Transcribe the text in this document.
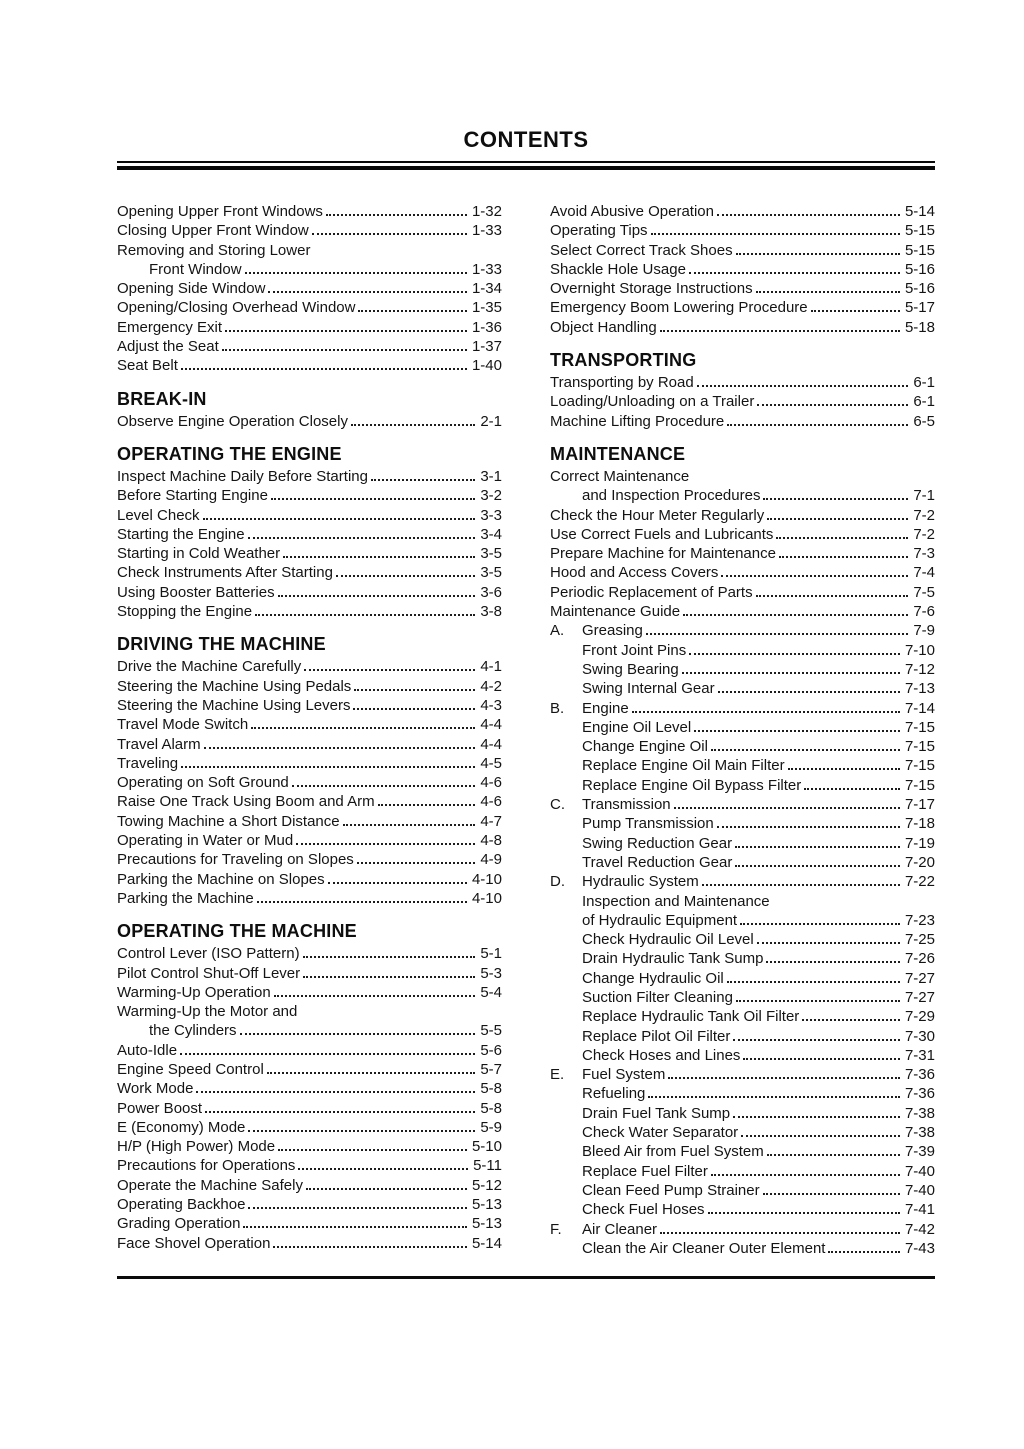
CONTENTS
Opening Upper Front Windows	1-32
Closing Upper Front Window	1-33
Removing and Storing Lower
Front Window	1-33
Opening Side Window	1-34
Opening/Closing Overhead Window	1-35
Emergency Exit	1-36
Adjust the Seat	1-37
Seat Belt	1-40
BREAK-IN
Observe Engine Operation Closely	2-1
OPERATING THE ENGINE
Inspect Machine Daily Before Starting	3-1
Before Starting Engine	3-2
Level Check	3-3
Starting the Engine	3-4
Starting in Cold Weather	3-5
Check Instruments After Starting	3-5
Using Booster Batteries	3-6
Stopping the Engine	3-8
DRIVING THE MACHINE
Drive the Machine Carefully	4-1
Steering the Machine Using Pedals	4-2
Steering the Machine Using Levers	4-3
Travel Mode Switch	4-4
Travel Alarm	4-4
Traveling	4-5
Operating on Soft Ground	4-6
Raise One Track Using Boom and Arm	4-6
Towing Machine a Short Distance	4-7
Operating in Water or Mud	4-8
Precautions for Traveling on Slopes	4-9
Parking the Machine on Slopes	4-10
Parking the Machine	4-10
OPERATING THE MACHINE
Control Lever (ISO Pattern)	5-1
Pilot Control Shut-Off Lever	5-3
Warming-Up Operation	5-4
Warming-Up the Motor and
the Cylinders	5-5
Auto-Idle	5-6
Engine Speed Control	5-7
Work Mode	5-8
Power Boost	5-8
E (Economy) Mode	5-9
H/P (High Power) Mode	5-10
Precautions for Operations	5-11
Operate the Machine Safely	5-12
Operating Backhoe	5-13
Grading Operation	5-13
Face Shovel Operation	5-14
Avoid Abusive Operation	5-14
Operating Tips	5-15
Select Correct Track Shoes	5-15
Shackle Hole Usage	5-16
Overnight Storage Instructions	5-16
Emergency Boom Lowering Procedure	5-17
Object Handling	5-18
TRANSPORTING
Transporting by Road	6-1
Loading/Unloading on a Trailer	6-1
Machine Lifting Procedure	6-5
MAINTENANCE
Correct Maintenance
and Inspection Procedures	7-1
Check the Hour Meter Regularly	7-2
Use Correct Fuels and Lubricants	7-2
Prepare Machine for Maintenance	7-3
Hood and Access Covers	7-4
Periodic Replacement of Parts	7-5
Maintenance Guide	7-6
A.	Greasing	7-9
Front Joint Pins	7-10
Swing Bearing	7-12
Swing Internal Gear	7-13
B.	Engine	7-14
Engine Oil Level	7-15
Change Engine Oil	7-15
Replace Engine Oil Main Filter	7-15
Replace Engine Oil Bypass Filter	7-15
C.	Transmission	7-17
Pump Transmission	7-18
Swing Reduction Gear	7-19
Travel Reduction Gear	7-20
D.	Hydraulic System	7-22
Inspection and Maintenance
of Hydraulic Equipment	7-23
Check Hydraulic Oil Level	7-25
Drain Hydraulic Tank Sump	7-26
Change Hydraulic Oil	7-27
Suction Filter Cleaning	7-27
Replace Hydraulic Tank Oil Filter	7-29
Replace Pilot Oil Filter	7-30
Check Hoses and Lines	7-31
E.	Fuel System	7-36
Refueling	7-36
Drain Fuel Tank Sump	7-38
Check Water Separator	7-38
Bleed Air from Fuel System	7-39
Replace Fuel Filter	7-40
Clean Feed Pump Strainer	7-40
Check Fuel Hoses	7-41
F.	Air Cleaner	7-42
Clean the Air Cleaner Outer Element	7-43
